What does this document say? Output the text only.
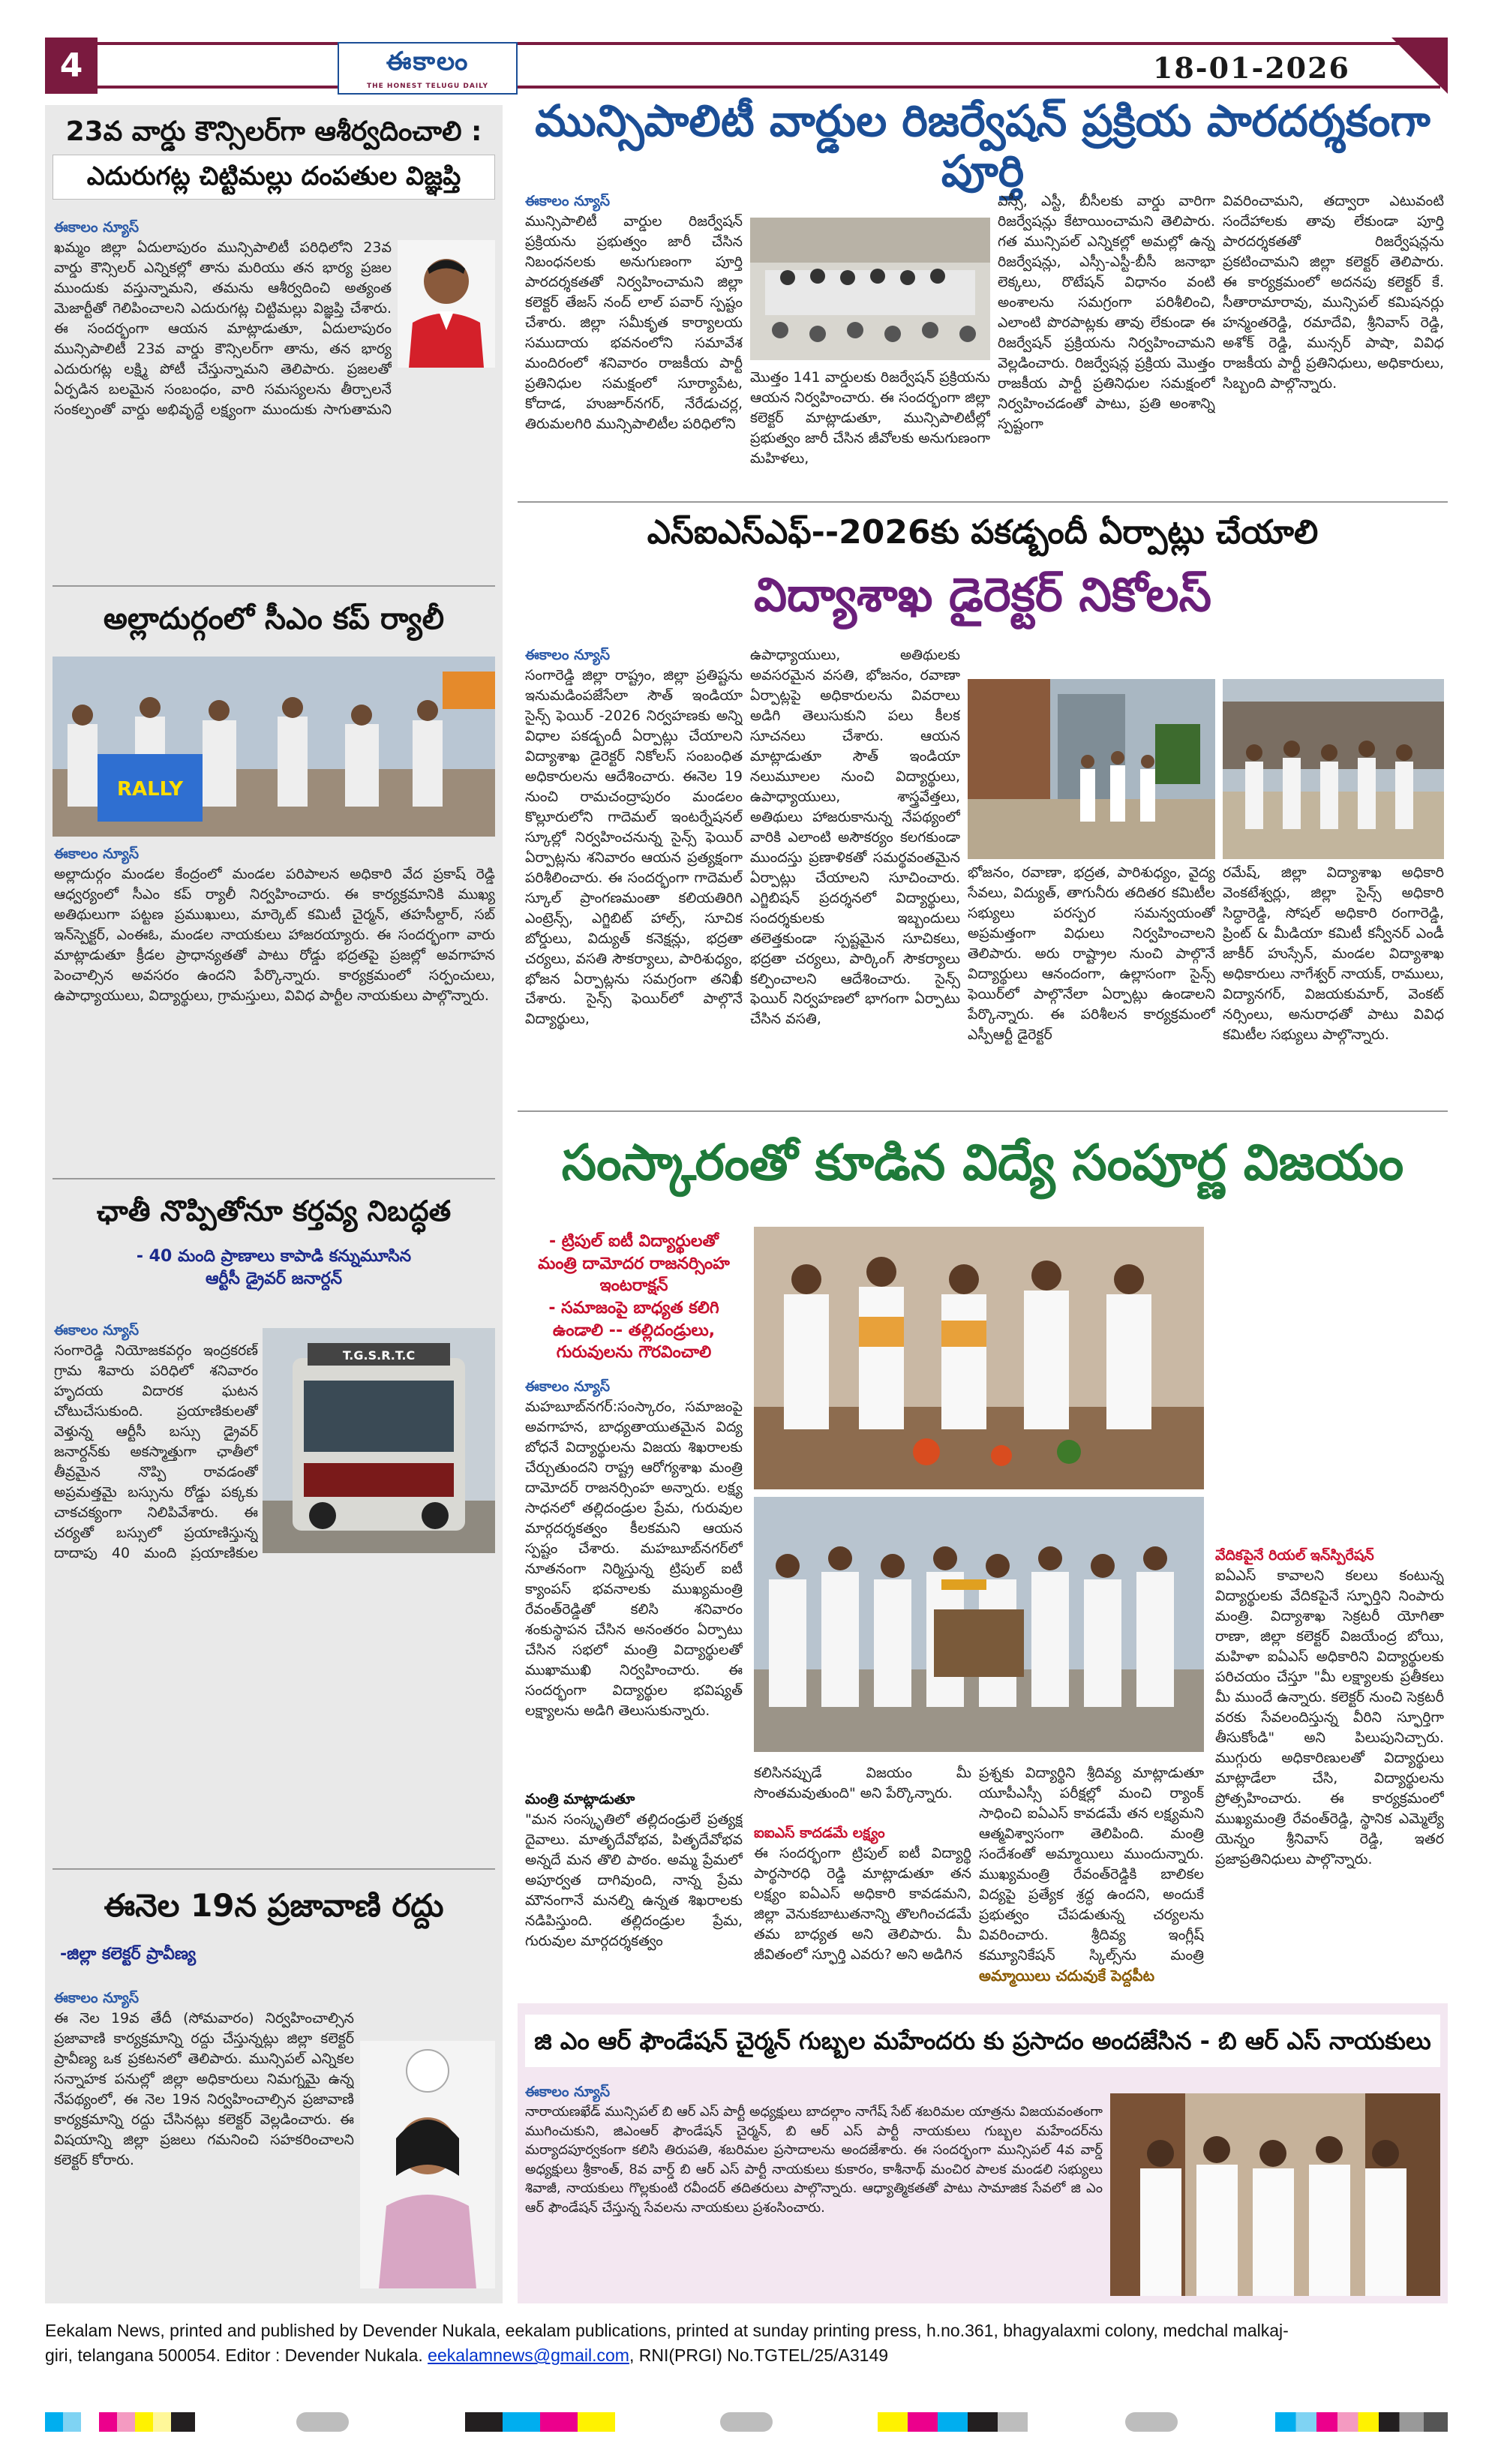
4	ఈకాలం
THE HONEST TELUGU DAILY
18-01-2026
23వ వార్డు కౌన్సిలర్‌గా ఆశీర్వదించాలి :
ఎదురుగట్ల చిట్టిమల్లు దంపతుల విజ్ఞప్తి
ఈకాలం న్యూస్
ఖమ్మం జిల్లా ఏదులాపురం మున్సిపాలిటీ పరిధిలోని 23వ వార్డు కౌన్సిలర్ ఎన్నికల్లో తాను మరియు తన భార్య ప్రజల ముందుకు వస్తున్నామని, తమను ఆశీర్వదించి అత్యంత మెజార్టీతో గెలిపించాలని ఎదురుగట్ల చిట్టిమల్లు విజ్ఞప్తి చేశారు. ఈ సందర్భంగా ఆయన మాట్లాడుతూ, ఏదులాపురం మున్సిపాలిటీ 23వ వార్డు కౌన్సిలర్‌గా తాను, తన భార్య ఎదురుగట్ల లక్ష్మి పోటీ చేస్తున్నామని తెలిపారు. ప్రజలతో ఏర్పడిన బలమైన సంబంధం, వారి సమస్యలను తీర్చాలనే సంకల్పంతో వార్డు అభివృద్ధే లక్ష్యంగా ముందుకు సాగుతామని
అల్లాదుర్గంలో సీఎం కప్ ర్యాలీ
RALLY
ఈకాలం న్యూస్
అల్లాదుర్గం మండల కేంద్రంలో మండల పరిపాలన అధికారి వేద ప్రకాష్ రెడ్డి ఆధ్వర్యంలో సీఎం కప్ ర్యాలీ నిర్వహించారు. ఈ కార్యక్రమానికి ముఖ్య అతిథులుగా పట్టణ ప్రముఖులు, మార్కెట్ కమిటీ చైర్మన్, తహసీల్దార్, సబ్ ఇన్‌స్పెక్టర్, ఎంఈఓ, మండల నాయకులు హాజరయ్యారు. ఈ సందర్భంగా వారు మాట్లాడుతూ క్రీడల ప్రాధాన్యతతో పాటు రోడ్డు భద్రతపై ప్రజల్లో అవగాహన పెంచాల్సిన అవసరం ఉందని పేర్కొన్నారు. కార్యక్రమంలో సర్పంచులు, ఉపాధ్యాయులు, విద్యార్థులు, గ్రామస్తులు, వివిధ పార్టీల నాయకులు పాల్గొన్నారు.
ఛాతీ నొప్పితోనూ కర్తవ్య నిబద్ధత
- 40 మంది ప్రాణాలు కాపాడి కన్నుమూసిన
ఆర్టీసీ డ్రైవర్ జనార్దన్
T.G.S.R.T.C
ఈకాలం న్యూస్
సంగారెడ్డి నియోజకవర్గం ఇంద్రకరణ్ గ్రామ శివారు పరిధిలో శనివారం హృదయ విదారక ఘటన చోటుచేసుకుంది. ప్రయాణికులతో వెళ్తున్న ఆర్టీసీ బస్సు డ్రైవర్ జనార్దన్‌కు అకస్మాత్తుగా ఛాతీలో తీవ్రమైన నొప్పి రావడంతో అప్రమత్తమై బస్సును రోడ్డు పక్కకు చాకచక్యంగా నిలిపివేశారు. ఈ చర్యతో బస్సులో ప్రయాణిస్తున్న దాదాపు 40 మంది ప్రయాణికుల
ఈనెల 19న ప్రజావాణి రద్దు
-జిల్లా కలెక్టర్ ప్రావీణ్య
ఈకాలం న్యూస్
ఈ నెల 19వ తేదీ (సోమవారం) నిర్వహించాల్సిన ప్రజావాణి కార్యక్రమాన్ని రద్దు చేస్తున్నట్లు జిల్లా కలెక్టర్ ప్రావీణ్య ఒక ప్రకటనలో తెలిపారు. మున్సిపల్ ఎన్నికల సన్నాహక పనుల్లో జిల్లా అధికారులు నిమగ్నమై ఉన్న నేపథ్యంలో, ఈ నెల 19న నిర్వహించాల్సిన ప్రజావాణి కార్యక్రమాన్ని రద్దు చేసినట్లు కలెక్టర్ వెల్లడించారు. ఈ విషయాన్ని జిల్లా ప్రజలు గమనించి సహకరించాలని కలెక్టర్ కోరారు.
మున్సిపాలిటీ వార్డుల రిజర్వేషన్ ప్రక్రియ పారదర్శకంగా పూర్తి
ఈకాలం న్యూస్
మున్సిపాలిటీ వార్డుల రిజర్వేషన్ ప్రక్రియను ప్రభుత్వం జారీ చేసిన నిబంధనలకు అనుగుణంగా పూర్తి పారదర్శకతతో నిర్వహించామని జిల్లా కలెక్టర్ తేజస్ నంద్ లాల్ పవార్ స్పష్టం చేశారు. జిల్లా సమీకృత కార్యాలయ సముదాయ భవనంలోని సమావేశ మందిరంలో శనివారం రాజకీయ పార్టీ ప్రతినిధుల సమక్షంలో సూర్యాపేట, కోదాడ, హుజూర్‌నగర్, నేరేడుచర్ల, తిరుమలగిరి మున్సిపాలిటీల పరిధిలోని
మొత్తం 141 వార్డులకు రిజర్వేషన్ ప్రక్రియను ఆయన నిర్వహించారు. ఈ సందర్భంగా జిల్లా కలెక్టర్ మాట్లాడుతూ, మున్సిపాలిటీల్లో ప్రభుత్వం జారీ చేసిన జీవోలకు అనుగుణంగా మహిళలు,
ఎస్సీ, ఎస్టీ, బీసీలకు వార్డు వారిగా రిజర్వేషన్లు కేటాయించామని తెలిపారు. గత మున్సిపల్ ఎన్నికల్లో అమల్లో ఉన్న రిజర్వేషన్లు, ఎస్సీ-ఎస్టీ-బీసీ జనాభా లెక్కలు, రొటేషన్ విధానం వంటి అంశాలను సమగ్రంగా పరిశీలించి, ఎలాంటి పొరపాట్లకు తావు లేకుండా ఈ రిజర్వేషన్ ప్రక్రియను నిర్వహించామని వెల్లడించారు. రిజర్వేషన్ల ప్రక్రియ మొత్తం రాజకీయ పార్టీ ప్రతినిధుల సమక్షంలో నిర్వహించడంతో పాటు, ప్రతి అంశాన్ని స్పష్టంగా
వివరించామని, తద్వారా ఎటువంటి సందేహాలకు తావు లేకుండా పూర్తి పారదర్శకతతో రిజర్వేషన్లను ప్రకటించామని జిల్లా కలెక్టర్ తెలిపారు. ఈ కార్యక్రమంలో అదనపు కలెక్టర్ కే. సీతారామారావు, మున్సిపల్ కమిషనర్లు హన్మంతరెడ్డి, రమాదేవి, శ్రీనివాస్ రెడ్డి, అశోక్ రెడ్డి, మున్సర్ పాషా, వివిధ రాజకీయ పార్టీ ప్రతినిధులు, అధికారులు, సిబ్బంది పాల్గొన్నారు.
ఎస్ఐఎస్ఎఫ్--2026కు పకడ్బందీ ఏర్పాట్లు చేయాలి
విద్యాశాఖ డైరెక్టర్ నికోలస్
ఈకాలం న్యూస్
సంగారెడ్డి జిల్లా రాష్ట్రం, జిల్లా ప్రతిష్టను ఇనుమడింపజేసేలా సౌత్ ఇండియా సైన్స్ ఫెయిర్ -2026 నిర్వహణకు అన్ని విధాల పకడ్బందీ ఏర్పాట్లు చేయాలని విద్యాశాఖ డైరెక్టర్ నికోలస్ సంబంధిత అధికారులను ఆదేశించారు. ఈనెల 19 నుంచి రామచంద్రాపురం మండలం కొల్లూరులోని గాదెమల్ ఇంటర్నేషనల్ స్కూల్లో నిర్వహించనున్న సైన్స్ ఫెయిర్ ఏర్పాట్లను శనివారం ఆయన ప్రత్యక్షంగా పరిశీలించారు. ఈ సందర్భంగా గాదెమల్ స్కూల్ ప్రాంగణమంతా కలియతిరిగి ఎంట్రెన్స్, ఎగ్జిబిట్ హాల్స్, సూచిక బోర్డులు, విద్యుత్ కనెక్షన్లు, భద్రతా చర్యలు, వసతి సౌకర్యాలు, పారిశుధ్యం, భోజన ఏర్పాట్లను సమగ్రంగా తనిఖీ చేశారు. సైన్స్ ఫెయిర్‌లో పాల్గొనే విద్యార్థులు,
ఉపాధ్యాయులు, అతిథులకు అవసరమైన వసతి, భోజనం, రవాణా ఏర్పాట్లపై అధికారులను వివరాలు అడిగి తెలుసుకుని పలు కీలక సూచనలు చేశారు. ఆయన మాట్లాడుతూ సౌత్ ఇండియా నలుమూలల నుంచి విద్యార్థులు, ఉపాధ్యాయులు, శాస్త్రవేత్తలు, అతిథులు హాజరుకానున్న నేపథ్యంలో వారికి ఎలాంటి అసౌకర్యం కలగకుండా ముందస్తు ప్రణాళికతో సమర్థవంతమైన ఏర్పాట్లు చేయాలని సూచించారు. ఎగ్జిబిషన్ ప్రదర్శనలో విద్యార్థులు, సందర్శకులకు ఇబ్బందులు తలెత్తకుండా స్పష్టమైన సూచికలు, భద్రతా చర్యలు, పార్కింగ్ సౌకర్యాలు కల్పించాలని ఆదేశించారు. సైన్స్ ఫెయిర్ నిర్వహణలో భాగంగా ఏర్పాటు చేసిన వసతి,
భోజనం, రవాణా, భద్రత, పారిశుధ్యం, వైద్య సేవలు, విద్యుత్, తాగునీరు తదితర కమిటీల సభ్యులు పరస్పర సమన్వయంతో అప్రమత్తంగా విధులు నిర్వహించాలని తెలిపారు. అరు రాష్ట్రాల నుంచి పాల్గొనే విద్యార్థులు ఆనందంగా, ఉల్లాసంగా సైన్స్ ఫెయిర్‌లో పాల్గొనేలా ఏర్పాట్లు ఉండాలని పేర్కొన్నారు. ఈ పరిశీలన కార్యక్రమంలో ఎస్పీఆర్టీ డైరెక్టర్
రమేష్, జిల్లా విద్యాశాఖ అధికారి వెంకటేశ్వర్లు, జిల్లా సైన్స్ అధికారి సిద్ధారెడ్డి, సోషల్ అధికారి రంగారెడ్డి, ప్రింట్ & మీడియా కమిటీ కన్వీనర్ ఎండీ జాకీర్ హుస్సేన్, మండల విద్యాశాఖ అధికారులు నాగేశ్వర్ నాయక్, రాములు, విద్యానగర్, విజయకుమార్, వెంకట్ నర్సింలు, అనురాధతో పాటు వివిధ కమిటీల సభ్యులు పాల్గొన్నారు.
సంస్కారంతో కూడిన విద్యే సంపూర్ణ విజయం
- ట్రిపుల్ ఐటీ విద్యార్థులతో
మంత్రి దామోదర రాజనర్సింహ
ఇంటరాక్షన్
- సమాజంపై బాధ్యత కలిగి
ఉండాలి -- తల్లిదండ్రులు,
గురువులను గౌరవించాలి
ఈకాలం న్యూస్
మహబూబ్‌నగర్:సంస్కారం, సమాజంపై అవగాహన, బాధ్యతాయుతమైన విద్య బోధనే విద్యార్థులను విజయ శిఖరాలకు చేర్చుతుందని రాష్ట్ర ఆరోగ్యశాఖ మంత్రి దామోదర్ రాజనర్సింహ అన్నారు. లక్ష్య సాధనలో తల్లిదండ్రుల ప్రేమ, గురువుల మార్గదర్శకత్వం కీలకమని ఆయన స్పష్టం చేశారు. మహబూబ్‌నగర్‌లో నూతనంగా నిర్మిస్తున్న ట్రిపుల్ ఐటీ క్యాంపస్ భవనాలకు ముఖ్యమంత్రి రేవంత్‌రెడ్డితో కలిసి శనివారం శంకుస్థాపన చేసిన అనంతరం ఏర్పాటు చేసిన సభలో మంత్రి విద్యార్థులతో ముఖాముఖి నిర్వహించారు. ఈ సందర్భంగా విద్యార్థుల భవిష్యత్ లక్ష్యాలను అడిగి తెలుసుకున్నారు.
మంత్రి మాట్లాడుతూ
"మన సంస్కృతిలో తల్లిదండ్రులే ప్రత్యక్ష దైవాలు. మాతృదేవోభవ, పితృదేవోభవ అన్నదే మన తొలి పాఠం. అమ్మ ప్రేమలో అపూర్వత దాగివుంది, నాన్న ప్రేమ మౌనంగానే మనల్ని ఉన్నత శిఖరాలకు నడిపిస్తుంది. తల్లిదండ్రుల ప్రేమ, గురువుల మార్గదర్శకత్వం
కలిసినప్పుడే విజయం మీ సొంతమవుతుంది" అని పేర్కొన్నారు.
ఐఐఎస్ కాదడమే లక్ష్యం
ఈ సందర్భంగా ట్రిపుల్ ఐటీ విద్యార్థి పార్థసారధి రెడ్డి మాట్లాడుతూ తన లక్ష్యం ఐఏఎస్ అధికారి కావడమని, జిల్లా వెనుకబాటుతనాన్ని తొలగించడమే తమ బాధ్యత అని తెలిపారు. మీ జీవితంలో స్ఫూర్తి ఎవరు? అని అడిగిన
ప్రశ్నకు విద్యార్థిని శ్రీదివ్య మాట్లాడుతూ యూపీఎస్సీ పరీక్షల్లో మంచి ర్యాంక్ సాధించి ఐఏఎస్ కావడమే తన లక్ష్యమని ఆత్మవిశ్వాసంగా తెలిపింది. మంత్రి సందేశంతో అమ్మాయిలు ముందున్నారు. ముఖ్యమంత్రి రేవంత్‌రెడ్డికి బాలికల విద్యపై ప్రత్యేక శ్రద్ధ ఉందని, అందుకే ప్రభుత్వం చేపడుతున్న చర్యలను వివరించారు. శ్రీదివ్య ఇంగ్లీష్ కమ్యూనికేషన్ స్కిల్స్‌ను మంత్రి
అమ్మాయిలు చదువుకే పెద్దపీట
వేదికపైనే రియల్ ఇన్‌స్పిరేషన్
ఐఏఎస్ కావాలని కలలు కంటున్న విద్యార్థులకు వేదికపైనే స్ఫూర్తిని నింపారు మంత్రి. విద్యాశాఖ సెక్రటరీ యోగితా రాణా, జిల్లా కలెక్టర్ విజయేంద్ర బోయి, మహిళా ఐఏఎస్ అధికారిని విద్యార్థులకు పరిచయం చేస్తూ "మీ లక్ష్యాలకు ప్రతీకలు మీ ముందే ఉన్నారు. కలెక్టర్ నుంచి సెక్రటరీ వరకు సేవలందిస్తున్న వీరిని స్ఫూర్తిగా తీసుకోండి" అని పిలుపునిచ్చారు. ముగ్గురు అధికారిణులతో విద్యార్థులు మాట్లాడేలా చేసి, విద్యార్థులను ప్రోత్సహించారు. ఈ కార్యక్రమంలో ముఖ్యమంత్రి రేవంత్‌రెడ్డి, స్థానిక ఎమ్మెల్యే యెన్నం శ్రీనివాస్ రెడ్డి, ఇతర ప్రజాప్రతినిధులు పాల్గొన్నారు.
జి ఎం ఆర్ ఫౌండేషన్ చైర్మన్ గుబ్బల మహేందరు కు ప్రసాదం అందజేసిన - బి ఆర్ ఎస్ నాయకులు
ఈకాలం న్యూస్
నారాయణఖేడ్ మున్సిపల్ బి ఆర్ ఎస్ పార్టీ అధ్యక్షులు బాదల్గాం నాగేష్ సేట్ శబరిమల యాత్రను విజయవంతంగా ముగించుకుని, జిఎంఆర్ ఫౌండేషన్ చైర్మన్, బి ఆర్ ఎస్ పార్టీ నాయకులు గుబ్బల మహేందర్‌ను మర్యాదపూర్వకంగా కలిసి తిరుపతి, శబరిమల ప్రసాదాలను అందజేశారు. ఈ సందర్భంగా మున్సిపల్ 4వ వార్డ్ అధ్యక్షులు శ్రీకాంత్, 8వ వార్డ్ బి ఆర్ ఎస్ పార్టీ నాయకులు కుకారం, కాశీనాథ్ మంచిర పాలక మండలి సభ్యులు శివాజీ, నాయకులు గొల్లకుంటి రవీందర్ తదితరులు పాల్గొన్నారు. ఆధ్యాత్మికతతో పాటు సామాజిక సేవలో జి ఎం ఆర్ ఫౌండేషన్ చేస్తున్న సేవలను నాయకులు ప్రశంసించారు.
Eekalam News, printed and published by Devender Nukala, eekalam publications, printed at sunday printing press, h.no.361, bhagyalaxmi colony, medchal malkaj-
giri, telangana 500054. Editor : Devender Nukala. eekalamnews@gmail.com, RNI(PRGI) No.TGTEL/25/A3149
